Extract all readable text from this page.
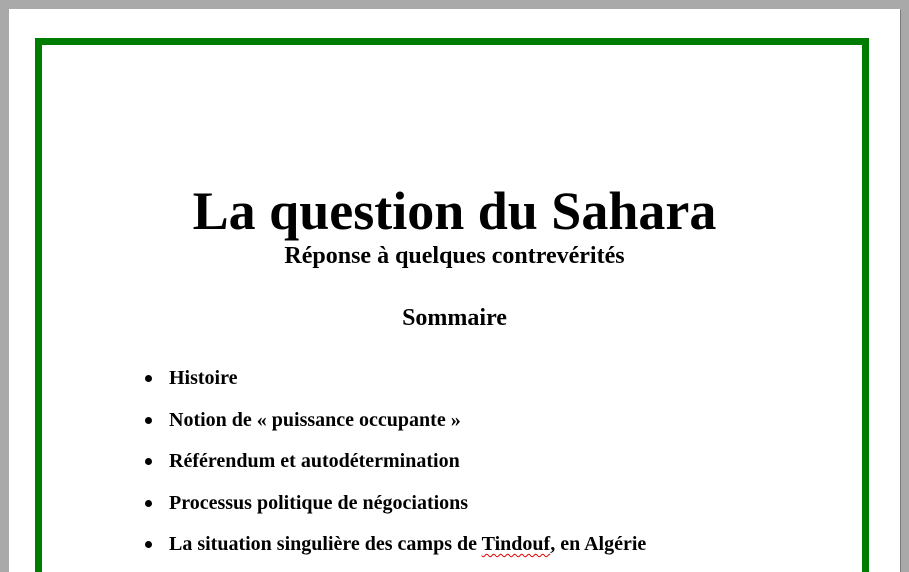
La question du Sahara
Réponse à quelques contrevérités
Sommaire
Histoire
Notion de « puissance occupante »
Référendum et autodétermination
Processus politique de négociations
La situation singulière des camps de Tindouf, en Algérie
